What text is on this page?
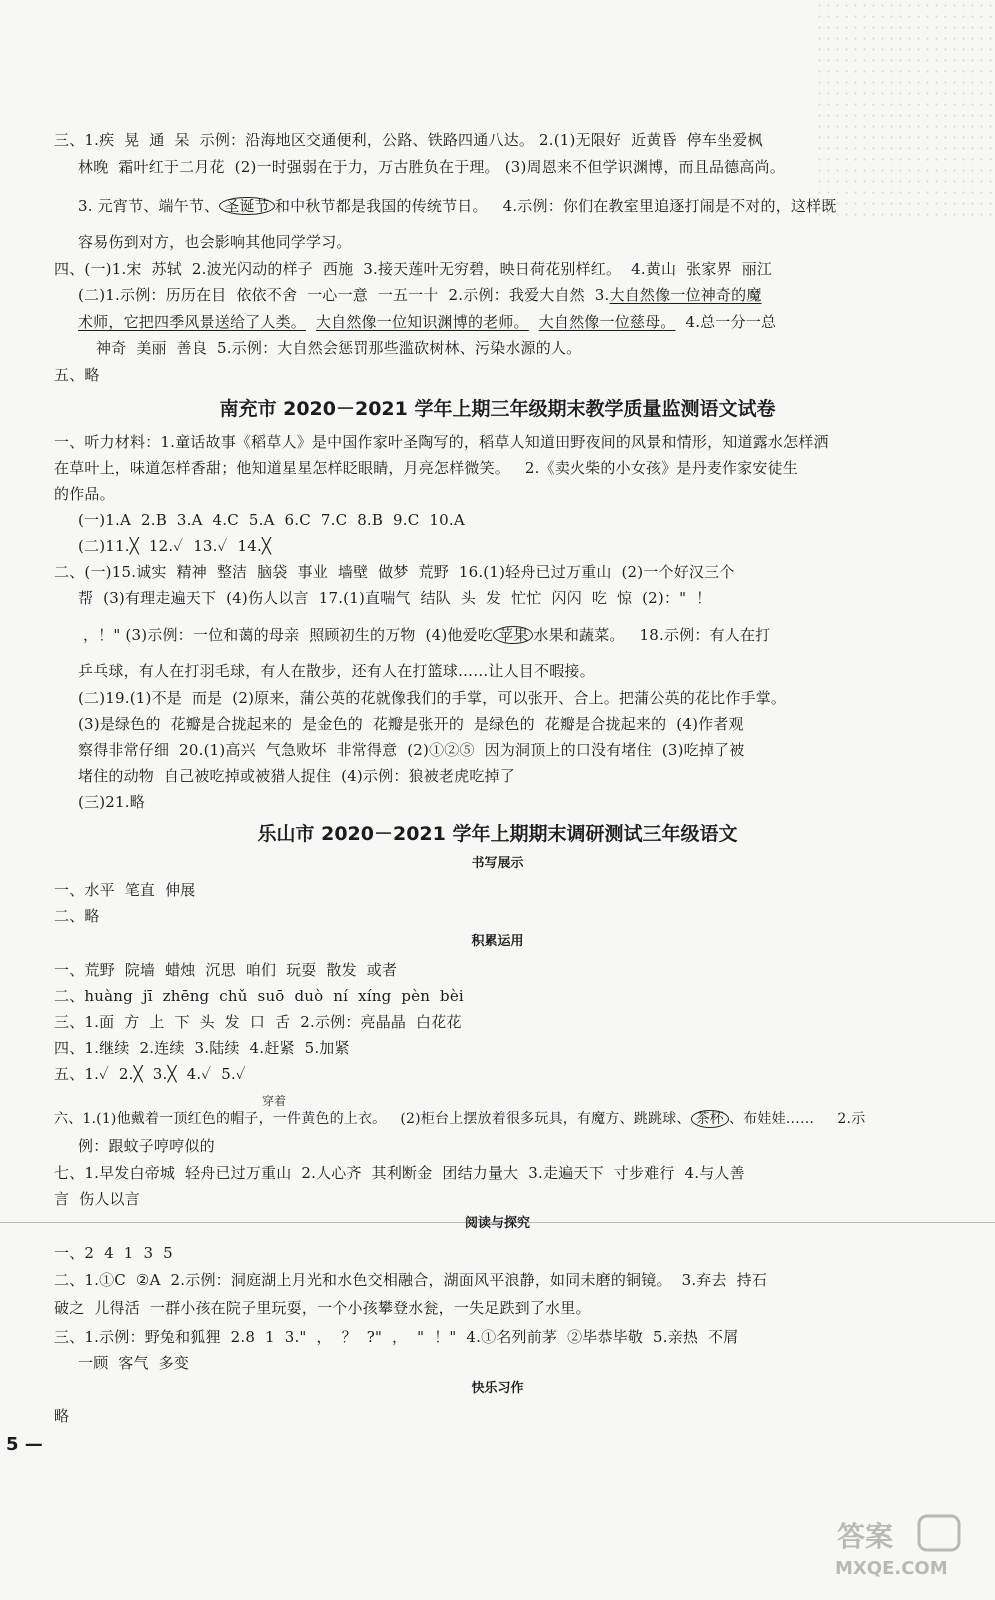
三、1.疾  晃  通  呆  示例：沿海地区交通便利，公路、铁路四通八达。 2.(1)无限好  近黄昏  停车坐爱枫
林晚  霜叶红于二月花  (2)一时强弱在于力，万古胜负在于理。 (3)周恩来不但学识渊博，而且品德高尚。
3. 元宵节、端午节、 圣诞节 和中秋节都是我国的传统节日。   4.示例：你们在教室里追逐打闹是不对的，这样既
容易伤到对方，也会影响其他同学学习。
四、(一)1.宋  苏轼  2.波光闪动的样子  西施  3.接天莲叶无穷碧，映日荷花别样红。  4.黄山  张家界  丽江
(二)1.示例：历历在目  依依不舍  一心一意  一五一十  2.示例：我爱大自然  3.大自然像一位神奇的魔
术师，它把四季风景送给了人类。 大自然像一位知识渊博的老师。 大自然像一位慈母。  4.总一分一总
神奇  美丽  善良  5.示例：大自然会惩罚那些滥砍树林、污染水源的人。
五、略
南充市 2020－2021 学年上期三年级期末教学质量监测语文试卷
一、听力材料：1.童话故事《稻草人》是中国作家叶圣陶写的，稻草人知道田野夜间的风景和情形，知道露水怎样洒
在草叶上，味道怎样香甜；他知道星星怎样眨眼睛，月亮怎样微笑。   2.《卖火柴的小女孩》是丹麦作家安徒生
的作品。
(一)1.A  2.B  3.A  4.C  5.A  6.C  7.C  8.B  9.C  10.A
(二)11.╳  12.✓  13.✓  14.╳
二、(一)15.诚实  精神  整洁  脑袋  事业  墙壁  做梦  荒野  16.(1)轻舟已过万重山  (2)一个好汉三个
帮  (3)有理走遍天下  (4)伤人以言  17.(1)直喘气  结队  头  发  忙忙  闪闪  吃  惊  (2)："  ！
，！" (3)示例：一位和蔼的母亲  照顾初生的万物  (4)他爱吃 苹果 水果和蔬菜。   18.示例：有人在打
乒乓球，有人在打羽毛球，有人在散步，还有人在打篮球……让人目不暇接。
(二)19.(1)不是  而是  (2)原来，蒲公英的花就像我们的手掌，可以张开、合上。把蒲公英的花比作手掌。
(3)是绿色的  花瓣是合拢起来的  是金色的  花瓣是张开的  是绿色的  花瓣是合拢起来的  (4)作者观
察得非常仔细  20.(1)高兴  气急败坏  非常得意  (2)①②⑤  因为洞顶上的口没有堵住  (3)吃掉了被
堵住的动物  自己被吃掉或被猎人捉住  (4)示例：狼被老虎吃掉了
(三)21.略
乐山市 2020－2021 学年上期期末调研测试三年级语文
书写展示
一、水平  笔直  伸展
二、略
积累运用
一、荒野  院墙  蜡烛  沉思  咱们  玩耍  散发  或者
二、huàng  jī  zhēng  chǔ  suō  duò  ní  xíng  pèn  bèi
三、1.面  方  上  下  头  发  口  舌  2.示例：亮晶晶  白花花
四、1.继续  2.连续  3.陆续  4.赶紧  5.加紧
五、1.✓  2.╳  3.╳  4.✓  5.✓
穿着
六、1.(1)他戴着一顶红色的帽子，一件黄色的上衣。   (2)柜台上摆放着很多玩具，有魔方、跳跳球、 茶杯 、布娃娃……     2.示
例：跟蚊子哼哼似的
七、1.早发白帝城  轻舟已过万重山  2.人心齐  其利断金  团结力量大  3.走遍天下  寸步难行  4.与人善
言  伤人以言
阅读与探究
一、2  4  1  3  5
二、1.①C  ②A  2.示例：洞庭湖上月光和水色交相融合，湖面风平浪静，如同未磨的铜镜。  3.弃去  持石
破之  儿得活  一群小孩在院子里玩耍，一个小孩攀登水瓮，一失足跌到了水里。
三、1.示例：野兔和狐狸  2.8  1  3."  ，  ？  ?"  ，  "  ！"  4.①名列前茅  ②毕恭毕敬  5.亲热  不屑
一顾  客气  多变
快乐习作
略
5 —
答案
MXQE.COM
